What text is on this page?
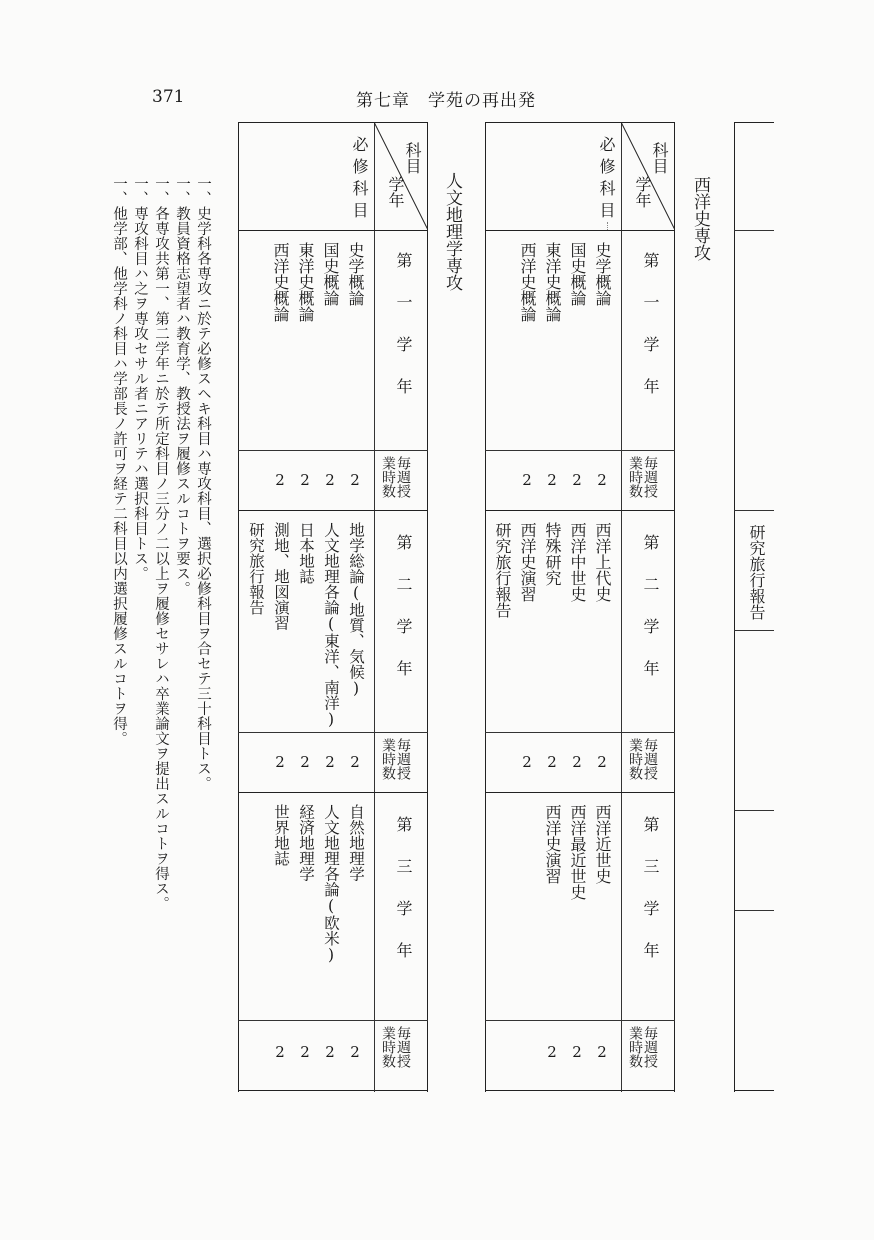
371	第七章　学苑の再出発
研究旅行報告
西洋史専攻
学年
科目
必修科目
第一学年
毎週授業時数
第二学年
毎週授業時数
第三学年
毎週授業時数
史学概論
国史概論
東洋史概論
西洋史概論
2
2
2
2
西洋上代史
西洋中世史
特殊研究
西洋史演習
研究旅行報告
2
2
2
2
西洋近世史
西洋最近世史
西洋史演習
2
2
2
人文地理学専攻
学年
科目
必修科目
第一学年
毎週授業時数
第二学年
毎週授業時数
第三学年
毎週授業時数
史学概論
国史概論
東洋史概論
西洋史概論
2
2
2
2
地学総論(地質、気候)
人文地理各論(東洋、南洋)
日本地誌
測地、地図演習
研究旅行報告
2
2
2
2
自然地理学
人文地理各論(欧米)
経済地理学
世界地誌
2
2
2
2
一、史学科各専攻ニ於テ必修スヘキ科目ハ専攻科目、選択必修科目ヲ合セテ三十科目トス。
一、教員資格志望者ハ教育学、教授法ヲ履修スルコトヲ要ス。
一、各専攻共第一、第二学年ニ於テ所定科目ノ三分ノ二以上ヲ履修セサレハ卒業論文ヲ提出スルコトヲ得ス。
一、専攻科目ハ之ヲ専攻セサル者ニアリテハ選択科目トス。
一、他学部、他学科ノ科目ハ学部長ノ許可ヲ経テ二科目以内選択履修スルコトヲ得。
